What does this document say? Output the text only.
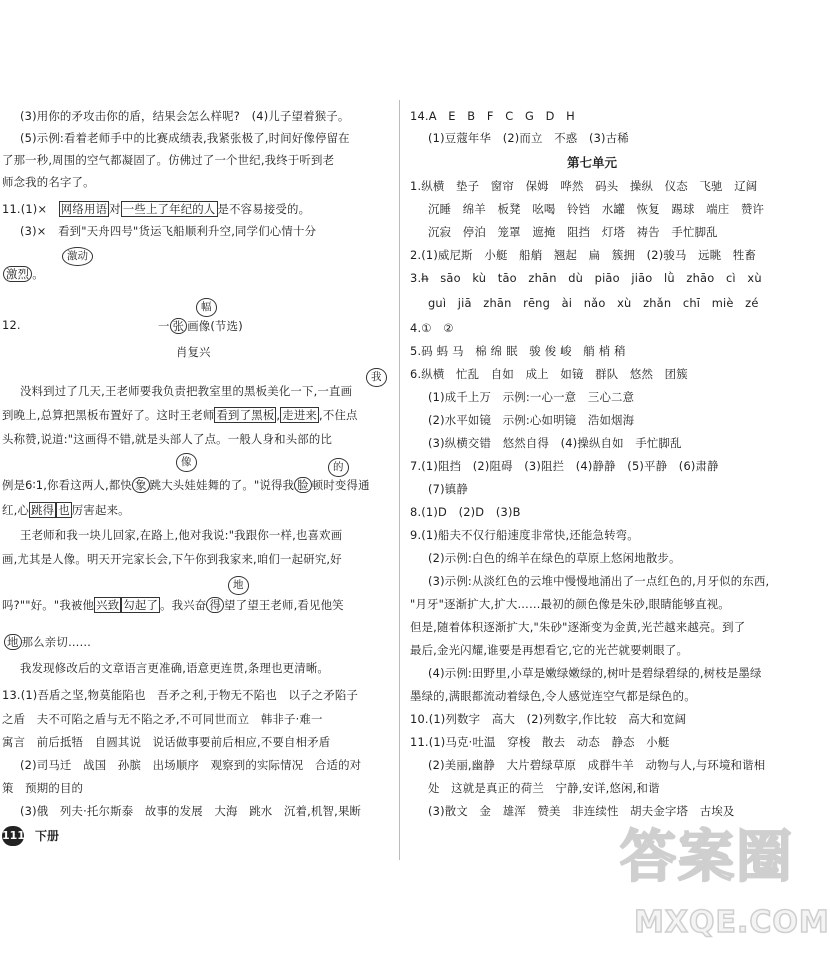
(3)用你的矛攻击你的盾，结果会怎么样呢?　(4)儿子望着猴子。
(5)示例:看着老师手中的比赛成绩表,我紧张极了,时间好像停留在
了那一秒,周围的空气都凝固了。仿佛过了一个世纪,我终于听到老
师念我的名字了。
11.(1)×　网络用语 对 一些上了年纪的人 是不容易接受的。
(3)×　看到"天舟四号"货运飞船顺利升空,同学们心情十分
激动
激烈 。
12.
幅
一 张 画像(节选)
肖复兴
我
没料到过了几天,王老师要我负责把教室里的黑板美化一下,一直画
到晚上,总算把黑板布置好了。这时王老师 看到了黑板 , 走进来 ,不住点
头称赞,说道:"这画得不错,就是头部人了点。一般人身和头部的比
像	的
例是6∶1,你看这两人,都快 象 跳大头娃娃舞的了。"说得我 脸 顿时变得通
红,心 跳得 也 厉害起来。
王老师和我一块儿回家,在路上,他对我说:"我跟你一样,也喜欢画
画,尤其是人像。明天开完家长会,下午你到我家来,咱们一起研究,好
地
吗?""好。"我被他 兴致 勾起了 。我兴奋 得 望了望王老师,看见他笑
地 那么亲切……
我发现修改后的文章语言更准确,语意更连贯,条理也更清晰。
13.(1)吾盾之坚,物莫能陷也　吾矛之利,于物无不陷也　以子之矛陷子
之盾　夫不可陷之盾与无不陷之矛,不可同世而立　韩非子·难一
寓言　前后抵牾　自圆其说　说话做事要前后相应,不要自相矛盾
(2)司马迁　战国　孙膑　出场顺序　观察到的实际情况　合适的对
策　预期的目的
(3)俄　列夫·托尔斯泰　故事的发展　大海　跳水　沉着,机智,果断
14.A　E　B　F　C　G　D　H
(1)豆蔻年华　(2)而立　不惑　(3)古稀
第七单元
1.纵横　垫子　窗帘　保姆　哗然　码头　操纵　仪态　飞驰　辽阔
沉睡　绵羊　板凳　吆喝　铃铛　水罐　恢复　踢球　端庄　赞许
沉寂　停泊　笼罩　遮掩　阻挡　灯塔　祷告　手忙脚乱
2.(1)威尼斯　小艇　船艄　翘起　扁　簇拥　(2)骏马　远眺　牲畜
3.h̶　sāo　kù　tāo　zhān　dù　piāo　jiāo　lǜ　zhāo　cì　xù
guì　jiā　zhān　rēng　ài　nǎo　xù　zhǎn　chī　miè　zé
4.①　②
5.码 蚂 马　棉 绵 眠　骏 俊 峻　艄 梢 稍
6.纵横　忙乱　自如　成上　如镜　群队　悠然　团簇
(1)成千上万　示例:一心一意　三心二意
(2)水平如镜　示例:心如明镜　浩如烟海
(3)纵横交错　悠然自得　(4)操纵自如　手忙脚乱
7.(1)阻挡　(2)阻碍　(3)阻拦　(4)静静　(5)平静　(6)肃静
(7)镇静
8.(1)D　(2)D　(3)B
9.(1)船夫不仅行船速度非常快,还能急转弯。
(2)示例:白色的绵羊在绿色的草原上悠闲地散步。
(3)示例:从淡红色的云堆中慢慢地涌出了一点红色的,月牙似的东西,
"月牙"逐渐扩大,扩大……最初的颜色像是朱砂,眼睛能够直视。
但是,随着体积逐渐扩大,"朱砂"逐渐变为金黄,光芒越来越亮。到了
最后,金光闪耀,谁要是再想看它,它的光芒就要刺眼了。
(4)示例:田野里,小草是嫩绿嫩绿的,树叶是碧绿碧绿的,树枝是墨绿
墨绿的,满眼都流动着绿色,令人感觉连空气都是绿色的。
10.(1)列数字　高大　(2)列数字,作比较　高大和宽阔
11.(1)马克·吐温　穿梭　散去　动态　静态　小艇
(2)美丽,幽静　大片碧绿草原　成群牛羊　动物与人,与环境和谐相
处　这就是真正的荷兰　宁静,安详,悠闲,和谐
(3)散文　金　雄浑　赞美　非连续性　胡夫金字塔　古埃及
111 下册	答案圈
MXQE.COM
